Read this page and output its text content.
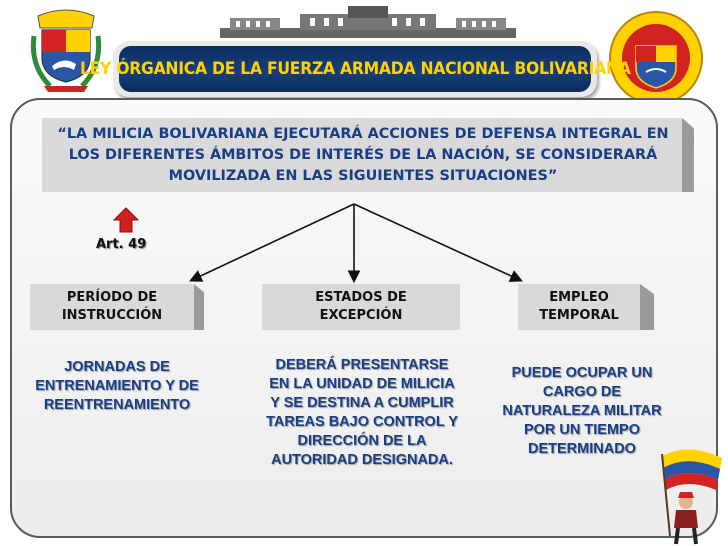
LEY ÓRGANICA DE LA FUERZA ARMADA NACIONAL BOLIVARIANA
“LA MILICIA BOLIVARIANA EJECUTARÁ ACCIONES DE DEFENSA INTEGRAL EN LOS DIFERENTES ÁMBITOS DE INTERÉS DE LA NACIÓN, SE CONSIDERARÁ MOVILIZADA EN LAS SIGUIENTES SITUACIONES”
Art. 49
PERÍODO DE INSTRUCCIÓN
ESTADOS DE EXCEPCIÓN
EMPLEO TEMPORAL
JORNADAS DE ENTRENAMIENTO Y DE REENTRENAMIENTO
DEBERÁ PRESENTARSE EN LA UNIDAD DE MILICIA Y SE DESTINA A CUMPLIR TAREAS BAJO CONTROL Y DIRECCIÓN DE LA AUTORIDAD DESIGNADA.
PUEDE OCUPAR UN CARGO DE NATURALEZA MILITAR POR UN TIEMPO DETERMINADO
